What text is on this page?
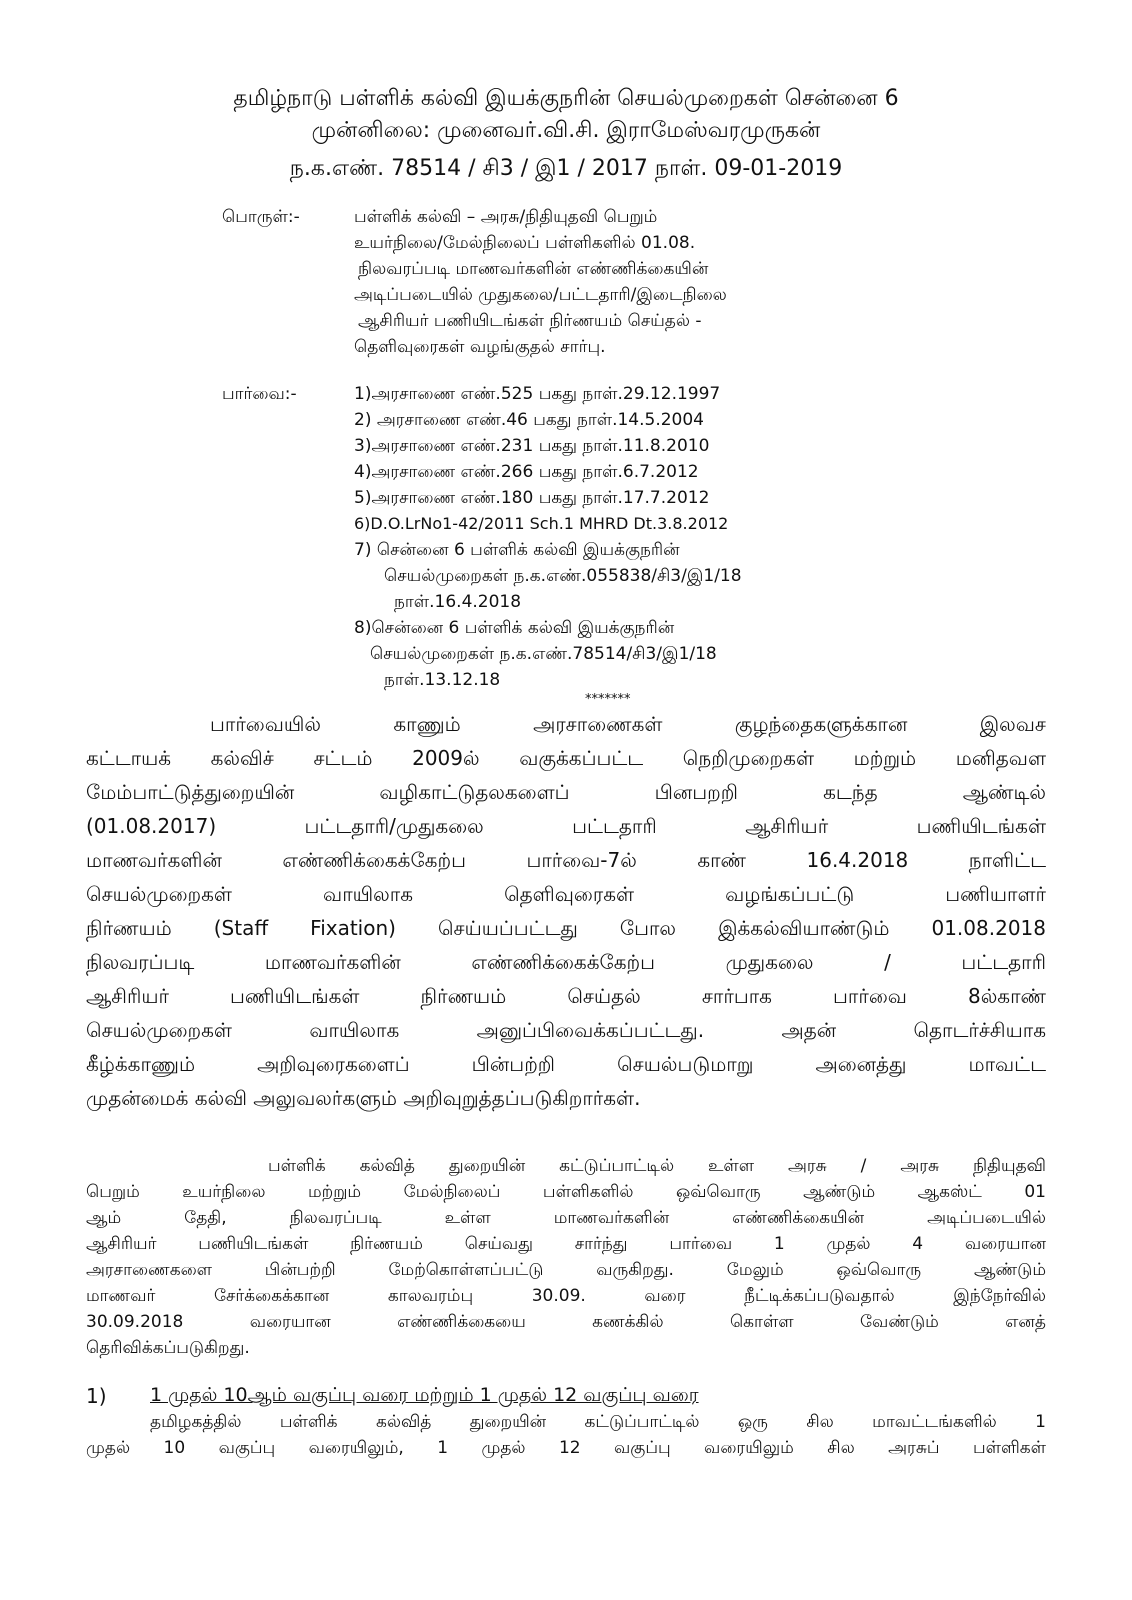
தமிழ்நாடு பள்ளிக் கல்வி இயக்குநரின் செயல்முறைகள் சென்னை 6
முன்னிலை: முனைவர்.வி.சி. இராமேஸ்வரமுருகன்
ந.க.எண். 78514 / சி3 / இ1 / 2017 நாள். 09-01-2019
பொருள்:-	பள்ளிக் கல்வி – அரசு/நிதியுதவி பெறும்
உயர்நிலை/மேல்நிலைப் பள்ளிகளில் 01.08.
நிலவரப்படி மாணவர்களின் எண்ணிக்கையின்
அடிப்படையில் முதுகலை/பட்டதாரி/இடைநிலை
ஆசிரியர் பணியிடங்கள் நிர்ணயம் செய்தல் -
தெளிவுரைகள் வழங்குதல் சார்பு.
பார்வை:-	1)அரசாணை எண்.525 பகது நாள்.29.12.1997
2) அரசாணை எண்.46 பகது நாள்.14.5.2004
3)அரசாணை எண்.231 பகது நாள்.11.8.2010
4)அரசாணை எண்.266 பகது நாள்.6.7.2012
5)அரசாணை எண்.180 பகது நாள்.17.7.2012
6)D.O.LrNo1-42/2011 Sch.1 MHRD Dt.3.8.2012
7) சென்னை 6 பள்ளிக் கல்வி இயக்குநரின்
செயல்முறைகள் ந.க.எண்.055838/சி3/இ1/18
நாள்.16.4.2018
8)சென்னை 6 பள்ளிக் கல்வி இயக்குநரின்
செயல்முறைகள் ந.க.எண்.78514/சி3/இ1/18
நாள்.13.12.18
*******
பார்வையில் காணும் அரசாணைகள் குழந்தைகளுக்கான இலவச
கட்டாயக் கல்விச் சட்டம் 2009ல் வகுக்கப்பட்ட நெறிமுறைகள் மற்றும் மனிதவள
மேம்பாட்டுத்துறையின் வழிகாட்டுதலகளைப் பினபறறி கடந்த ஆண்டில்
(01.08.2017) பட்டதாரி/முதுகலை பட்டதாரி ஆசிரியர் பணியிடங்கள்
மாணவர்களின் எண்ணிக்கைக்கேற்ப பார்வை-7ல் காண் 16.4.2018 நாளிட்ட
செயல்முறைகள் வாயிலாக தெளிவுரைகள் வழங்கப்பட்டு பணியாளர்
நிர்ணயம் (Staff Fixation) செய்யப்பட்டது போல இக்கல்வியாண்டும் 01.08.2018
நிலவரப்படி மாணவர்களின் எண்ணிக்கைக்கேற்ப முதுகலை / பட்டதாரி
ஆசிரியர் பணியிடங்கள் நிர்ணயம் செய்தல் சார்பாக பார்வை 8ல்காண்
செயல்முறைகள் வாயிலாக அனுப்பிவைக்கப்பட்டது. அதன் தொடர்ச்சியாக
கீழ்க்காணும் அறிவுரைகளைப் பின்பற்றி செயல்படுமாறு அனைத்து மாவட்ட
முதன்மைக் கல்வி அலுவலர்களும் அறிவுறுத்தப்படுகிறார்கள்.
பள்ளிக் கல்வித் துறையின் கட்டுப்பாட்டில் உள்ள அரசு / அரசு நிதியுதவி
பெறும் உயர்நிலை மற்றும் மேல்நிலைப் பள்ளிகளில் ஒவ்வொரு ஆண்டும் ஆகஸ்ட் 01
ஆம் தேதி, நிலவரப்படி உள்ள மாணவர்களின் எண்ணிக்கையின் அடிப்படையில்
ஆசிரியர் பணியிடங்கள் நிர்ணயம் செய்வது சார்ந்து பார்வை 1 முதல் 4 வரையான
அரசாணைகளை பின்பற்றி மேற்கொள்ளப்பட்டு வருகிறது. மேலும் ஒவ்வொரு ஆண்டும்
மாணவர் சேர்க்கைக்கான காலவரம்பு 30.09. வரை நீட்டிக்கப்படுவதால் இந்நேர்வில்
30.09.2018 வரையான எண்ணிக்கையை கணக்கில் கொள்ள வேண்டும் எனத்
தெரிவிக்கப்படுகிறது.
1) 1 முதல் 10ஆம் வகுப்பு வரை மற்றும் 1 முதல் 12 வகுப்பு வரை
தமிழகத்தில் பள்ளிக் கல்வித் துறையின் கட்டுப்பாட்டில் ஒரு சில மாவட்டங்களில் 1
முதல் 10 வகுப்பு வரையிலும், 1 முதல் 12 வகுப்பு வரையிலும் சில அரசுப் பள்ளிகள்
